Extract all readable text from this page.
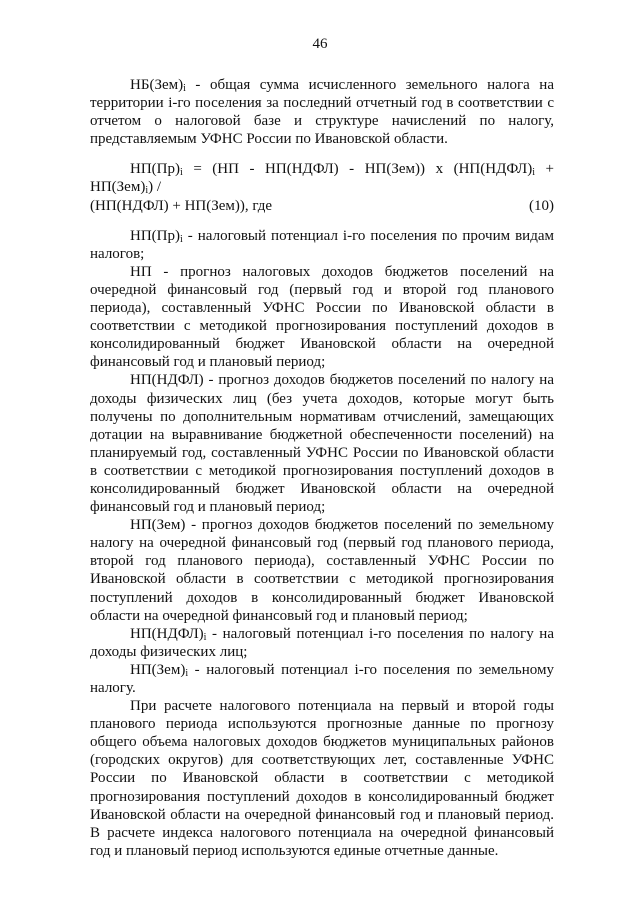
46

$НБ(Зем)_i$ - общая сумма исчисленного земельного налога на территории i-го поселения за последний отчетный год в соответствии с отчетом о налоговой базе и структуре начислений по налогу, представляемым УФНС России по Ивановской области.

$НП(Пр)_i = (НП$ - НП(НДФЛ) - НП(Зем)) x $(НП(НДФЛ)_i + НП(Зем)_i)$ /

(НП(НДФЛ) + НП(Зем)), где	(10)

$НП(Пр)_i$ - налоговый потенциал i-го поселения по прочим видам налогов;

НП - прогноз налоговых доходов бюджетов поселений на очередной финансовый год (первый год и второй год планового периода), составленный УФНС России по Ивановской области в соответствии с методикой прогнозирования поступлений доходов в консолидированный бюджет Ивановской области на очередной финансовый год и плановый период;

НП(НДФЛ) - прогноз доходов бюджетов поселений по налогу на доходы физических лиц (без учета доходов, которые могут быть получены по дополнительным нормативам отчислений, замещающих дотации на выравнивание бюджетной обеспеченности поселений) на планируемый год, составленный УФНС России по Ивановской области в соответствии с методикой прогнозирования поступлений доходов в консолидированный бюджет Ивановской области на очередной финансовый год и плановый период;

НП(Зем) - прогноз доходов бюджетов поселений по земельному налогу на очередной финансовый год (первый год планового периода, второй год планового периода), составленный УФНС России по Ивановской области в соответствии с методикой прогнозирования поступлений доходов в консолидированный бюджет Ивановской области на очередной финансовый год и плановый период;

$НП(НДФЛ)_i$ - налоговый потенциал i-го поселения по налогу на доходы физических лиц;

$НП(Зем)_i$ - налоговый потенциал i-го поселения по земельному налогу.

При расчете налогового потенциала на первый и второй годы планового периода используются прогнозные данные по прогнозу общего объема налоговых доходов бюджетов муниципальных районов (городских округов) для соответствующих лет, составленные УФНС России по Ивановской области в соответствии с методикой прогнозирования поступлений доходов в консолидированный бюджет Ивановской области на очередной финансовый год и плановый период. В расчете индекса налогового потенциала на очередной финансовый год и плановый период используются единые отчетные данные.
